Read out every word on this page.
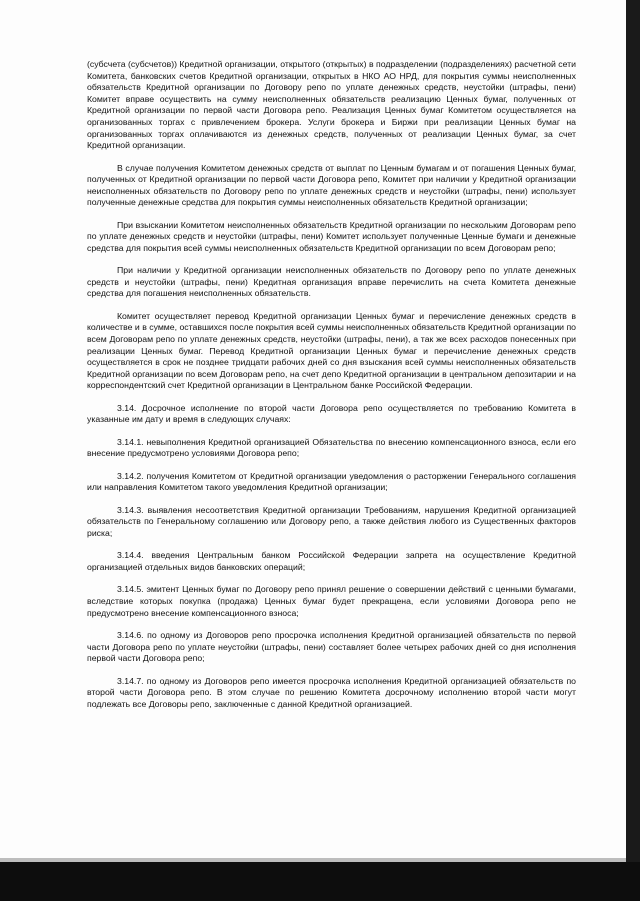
(субсчета (субсчетов)) Кредитной организации, открытого (открытых) в подразделении (подразделениях) расчетной сети Комитета, банковских счетов Кредитной организации, открытых в НКО АО НРД, для покрытия суммы неисполненных обязательств Кредитной организации по Договору репо по уплате денежных средств, неустойки (штрафы, пени) Комитет вправе осуществить на сумму неисполненных обязательств реализацию Ценных бумаг, полученных от Кредитной организации по первой части Договора репо. Реализация Ценных бумаг Комитетом осуществляется на организованных торгах с привлечением брокера. Услуги брокера и Биржи при реализации Ценных бумаг на организованных торгах оплачиваются из денежных средств, полученных от реализации Ценных бумаг, за счет Кредитной организации.

В случае получения Комитетом денежных средств от выплат по Ценным бумагам и от погашения Ценных бумаг, полученных от Кредитной организации по первой части Договора репо, Комитет при наличии у Кредитной организации неисполненных обязательств по Договору репо по уплате денежных средств и неустойки (штрафы, пени) использует полученные денежные средства для покрытия суммы неисполненных обязательств Кредитной организации;

При взыскании Комитетом неисполненных обязательств Кредитной организации по нескольким Договорам репо по уплате денежных средств и неустойки (штрафы, пени) Комитет использует полученные Ценные бумаги и денежные средства для покрытия всей суммы неисполненных обязательств Кредитной организации по всем Договорам репо;

При наличии у Кредитной организации неисполненных обязательств по Договору репо по уплате денежных средств и неустойки (штрафы, пени) Кредитная организация вправе перечислить на счета Комитета денежные средства для погашения неисполненных обязательств.

Комитет осуществляет перевод Кредитной организации Ценных бумаг и перечисление денежных средств в количестве и в сумме, оставшихся после покрытия всей суммы неисполненных обязательств Кредитной организации по всем Договорам репо по уплате денежных средств, неустойки (штрафы, пени), а так же всех расходов понесенных при реализации Ценных бумаг. Перевод Кредитной организации Ценных бумаг и перечисление денежных средств осуществляется в срок не позднее тридцати рабочих дней со дня взыскания всей суммы неисполненных обязательств Кредитной организации по всем Договорам репо, на счет депо Кредитной организации в центральном депозитарии и на корреспондентский счет Кредитной организации в Центральном банке Российской Федерации.

3.14. Досрочное исполнение по второй части Договора репо осуществляется по требованию Комитета в указанные им дату и время в следующих случаях:

3.14.1. невыполнения Кредитной организацией Обязательства по внесению компенсационного взноса, если его внесение предусмотрено условиями Договора репо;

3.14.2. получения Комитетом от Кредитной организации уведомления о расторжении Генерального соглашения или направления Комитетом такого уведомления Кредитной организации;

3.14.3. выявления несоответствия Кредитной организации Требованиям, нарушения Кредитной организацией обязательств по Генеральному соглашению или Договору репо, а также действия любого из Существенных факторов риска;

3.14.4. введения Центральным банком Российской Федерации запрета на осуществление Кредитной организацией отдельных видов банковских операций;

3.14.5. эмитент Ценных бумаг по Договору репо принял решение о совершении действий с ценными бумагами, вследствие которых покупка (продажа) Ценных бумаг будет прекращена, если условиями Договора репо не предусмотрено внесение компенсационного взноса;

3.14.6. по одному из Договоров репо просрочка исполнения Кредитной организацией обязательств по первой части Договора репо по уплате неустойки (штрафы, пени) составляет более четырех рабочих дней со дня исполнения первой части Договора репо;

3.14.7. по одному из Договоров репо имеется просрочка исполнения Кредитной организацией обязательств по второй части Договора репо. В этом случае по решению Комитета досрочному исполнению второй части могут подлежать все Договоры репо, заключенные с данной Кредитной организацией.
